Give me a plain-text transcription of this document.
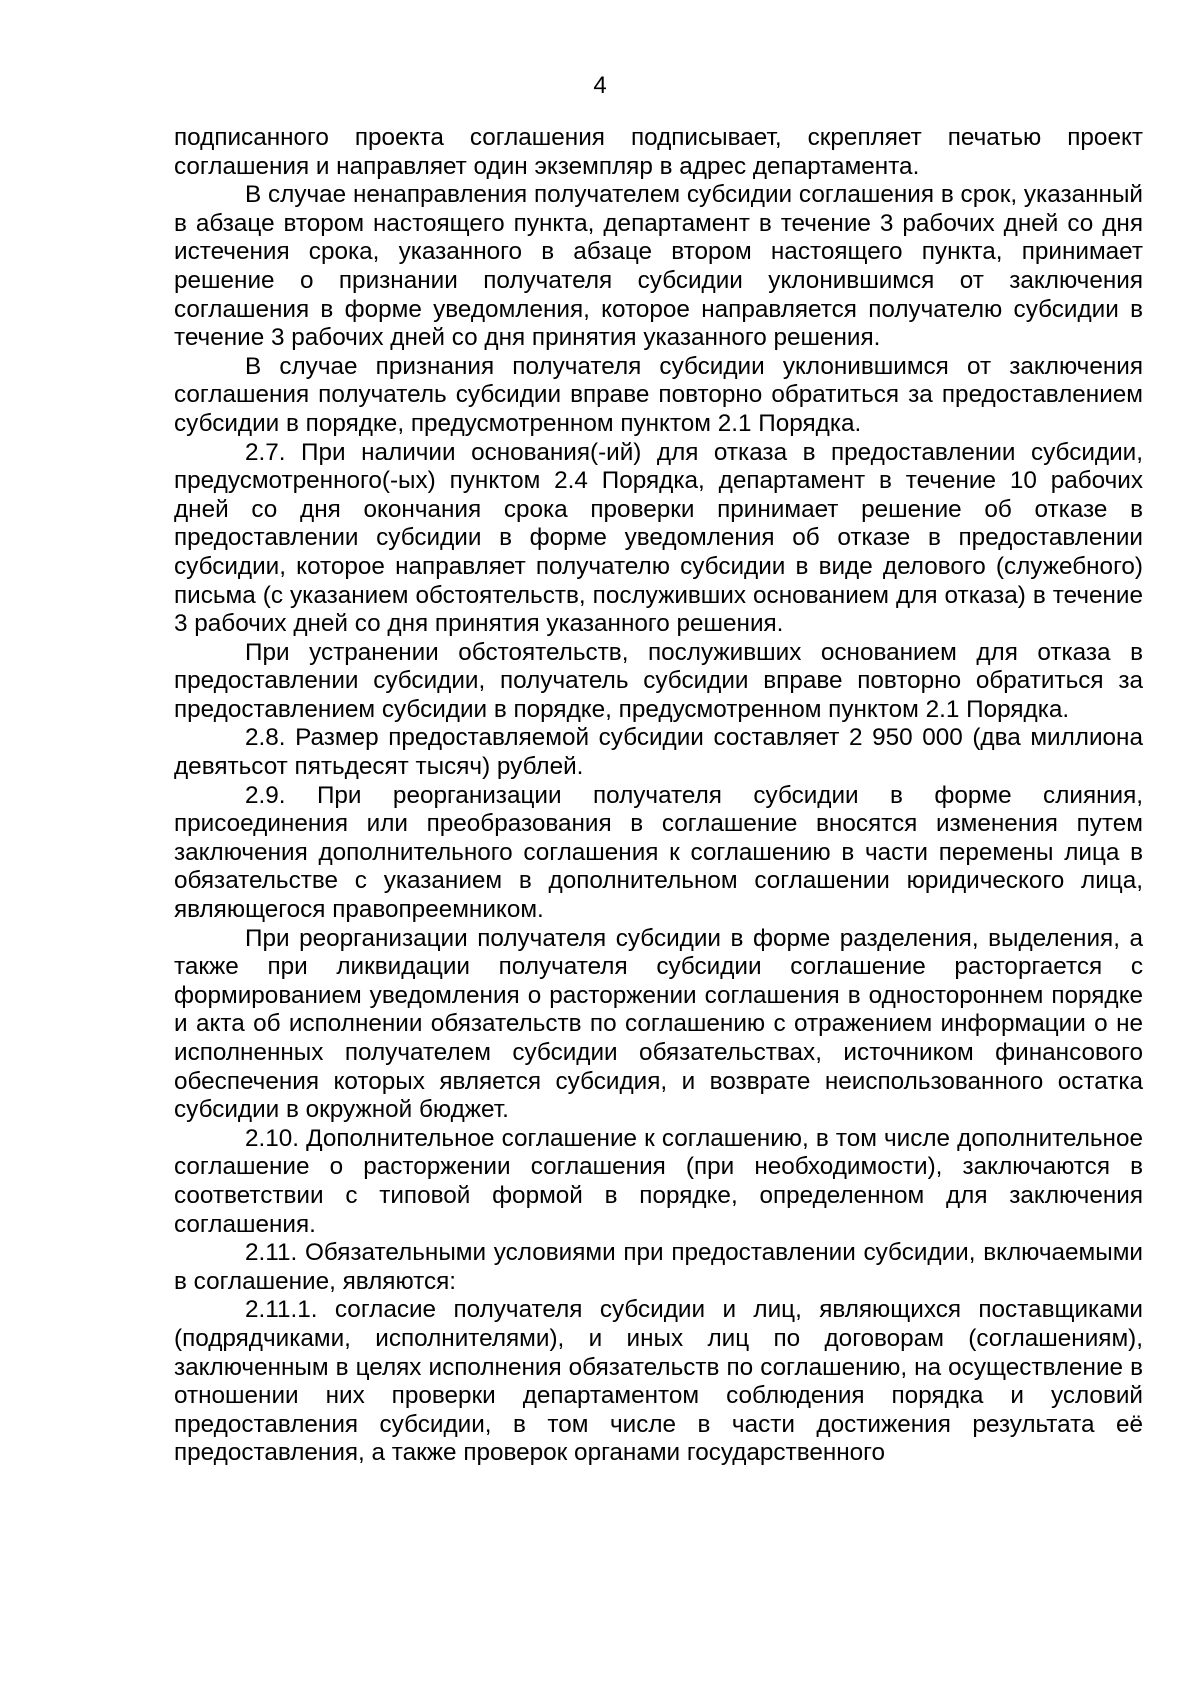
4

подписанного проекта соглашения подписывает, скрепляет печатью проект соглашения и направляет один экземпляр в адрес департамента.

В случае ненаправления получателем субсидии соглашения в срок, указанный в абзаце втором настоящего пункта, департамент в течение 3 рабочих дней со дня истечения срока, указанного в абзаце втором настоящего пункта, принимает решение о признании получателя субсидии уклонившимся от заключения соглашения в форме уведомления, которое направляется получателю субсидии в течение 3 рабочих дней со дня принятия указанного решения.

В случае признания получателя субсидии уклонившимся от заключения соглашения получатель субсидии вправе повторно обратиться за предоставлением субсидии в порядке, предусмотренном пунктом 2.1 Порядка.

2.7. При наличии основания(-ий) для отказа в предоставлении субсидии, предусмотренного(-ых) пунктом 2.4 Порядка, департамент в течение 10 рабочих дней со дня окончания срока проверки принимает решение об отказе в предоставлении субсидии в форме уведомления об отказе в предоставлении субсидии, которое направляет получателю субсидии в виде делового (служебного) письма (с указанием обстоятельств, послуживших основанием для отказа) в течение 3 рабочих дней со дня принятия указанного решения.

При устранении обстоятельств, послуживших основанием для отказа в предоставлении субсидии, получатель субсидии вправе повторно обратиться за предоставлением субсидии в порядке, предусмотренном пунктом 2.1 Порядка.

2.8. Размер предоставляемой субсидии составляет 2 950 000 (два миллиона девятьсот пятьдесят тысяч) рублей.

2.9. При реорганизации получателя субсидии в форме слияния, присоединения или преобразования в соглашение вносятся изменения путем заключения дополнительного соглашения к соглашению в части перемены лица в обязательстве с указанием в дополнительном соглашении юридического лица, являющегося правопреемником.

При реорганизации получателя субсидии в форме разделения, выделения, а также при ликвидации получателя субсидии соглашение расторгается с формированием уведомления о расторжении соглашения в одностороннем порядке и акта об исполнении обязательств по соглашению с отражением информации о не исполненных получателем субсидии обязательствах, источником финансового обеспечения которых является субсидия, и возврате неиспользованного остатка субсидии в окружной бюджет.

2.10. Дополнительное соглашение к соглашению, в том числе дополнительное соглашение о расторжении соглашения (при необходимости), заключаются в соответствии с типовой формой в порядке, определенном для заключения соглашения.

2.11. Обязательными условиями при предоставлении субсидии, включаемыми в соглашение, являются:

2.11.1. согласие получателя субсидии и лиц, являющихся поставщиками (подрядчиками, исполнителями), и иных лиц по договорам (соглашениям), заключенным в целях исполнения обязательств по соглашению, на осуществление в отношении них проверки департаментом соблюдения порядка и условий предоставления субсидии, в том числе в части достижения результата её предоставления, а также проверок органами государственного
